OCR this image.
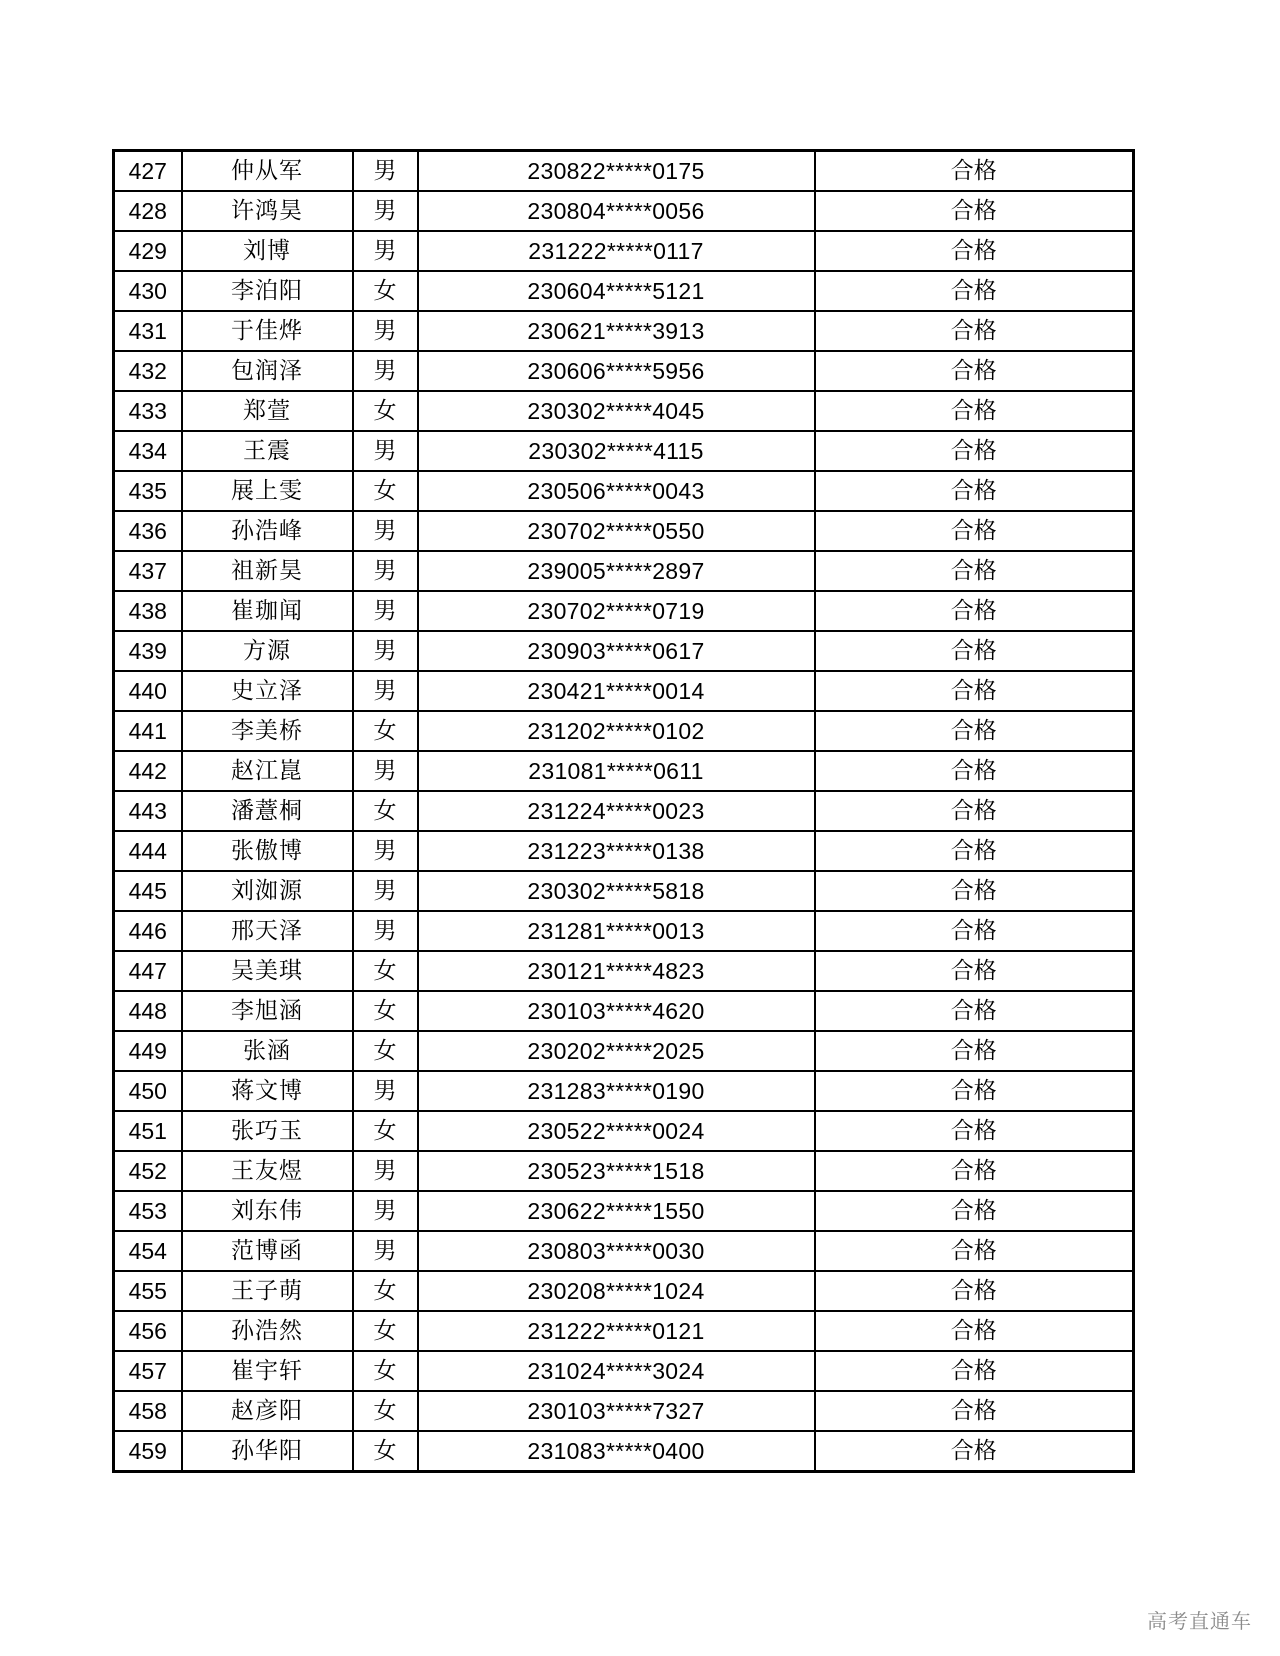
427	仲从军	男	230822*****0175	合格
428	许鸿昊	男	230804*****0056	合格
429	刘博	男	231222*****0117	合格
430	李泊阳	女	230604*****5121	合格
431	于佳烨	男	230621*****3913	合格
432	包润泽	男	230606*****5956	合格
433	郑萱	女	230302*****4045	合格
434	王震	男	230302*****4115	合格
435	展上雯	女	230506*****0043	合格
436	孙浩峰	男	230702*****0550	合格
437	祖新昊	男	239005*****2897	合格
438	崔珈闻	男	230702*****0719	合格
439	方源	男	230903*****0617	合格
440	史立泽	男	230421*****0014	合格
441	李美桥	女	231202*****0102	合格
442	赵江崑	男	231081*****0611	合格
443	潘薏桐	女	231224*****0023	合格
444	张傲博	男	231223*****0138	合格
445	刘洳源	男	230302*****5818	合格
446	邢天泽	男	231281*****0013	合格
447	吴美琪	女	230121*****4823	合格
448	李旭涵	女	230103*****4620	合格
449	张涵	女	230202*****2025	合格
450	蒋文博	男	231283*****0190	合格
451	张巧玉	女	230522*****0024	合格
452	王友煜	男	230523*****1518	合格
453	刘东伟	男	230622*****1550	合格
454	范博函	男	230803*****0030	合格
455	王子萌	女	230208*****1024	合格
456	孙浩然	女	231222*****0121	合格
457	崔宇轩	女	231024*****3024	合格
458	赵彦阳	女	230103*****7327	合格
459	孙华阳	女	231083*****0400	合格
高考直通车
